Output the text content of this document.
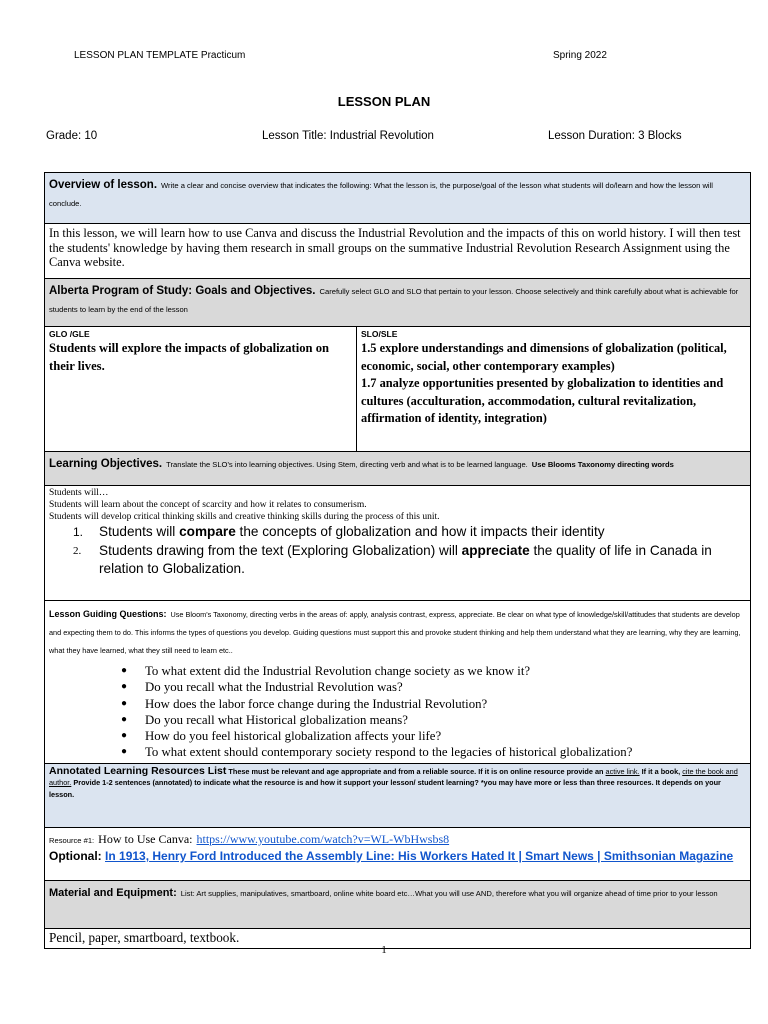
LESSON PLAN TEMPLATE Practicum	Spring 2022
LESSON PLAN
Grade: 10	Lesson Title: Industrial Revolution	Lesson Duration: 3 Blocks
Overview of lesson. Write a clear and concise overview that indicates the following: What the lesson is, the purpose/goal of the lesson what students will do/learn and how the lesson will conclude.

In this lesson, we will learn how to use Canva and discuss the Industrial Revolution and the impacts of this on world history. I will then test the students' knowledge by having them research in small groups on the summative Industrial Revolution Research Assignment using the Canva website.

Alberta Program of Study: Goals and Objectives. Carefully select GLO and SLO that pertain to your lesson. Choose selectively and think carefully about what is achievable for students to learn by the end of the lesson

GLO /GLE
Students will explore the impacts of globalization on their lives.

SLO/SLE
1.5 explore understandings and dimensions of globalization (political, economic, social, other contemporary examples)
1.7 analyze opportunities presented by globalization to identities and cultures (acculturation, accommodation, cultural revitalization, affirmation of identity, integration)

Learning Objectives. Translate the SLO's into learning objectives. Using Stem, directing verb and what is to be learned language. Use Blooms Taxonomy directing words

Students will…
Students will learn about the concept of scarcity and how it relates to consumerism.
Students will develop critical thinking skills and creative thinking skills during the process of this unit.
1. Students will compare the concepts of globalization and how it impacts their identity
2. Students drawing from the text (Exploring Globalization) will appreciate the quality of life in Canada in relation to Globalization.

Lesson Guiding Questions: Use Bloom's Taxonomy, directing verbs in the areas of: apply, analysis contrast, express, appreciate. Be clear on what type of knowledge/skill/attitudes that students are develop and expecting them to do. This informs the types of questions you develop. Guiding questions must support this and provoke student thinking and help them understand what they are learning, why they are learning, what they have learned, what they still need to learn etc..
● To what extent did the Industrial Revolution change society as we know it?
● Do you recall what the Industrial Revolution was?
● How does the labor force change during the Industrial Revolution?
● Do you recall what Historical globalization means?
● How do you feel historical globalization affects your life?
● To what extent should contemporary society respond to the legacies of historical globalization?

Annotated Learning Resources List These must be relevant and age appropriate and from a reliable source. If it is on online resource provide an active link. If it a book, cite the book and author. Provide 1-2 sentences (annotated) to indicate what the resource is and how it support your lesson/ student learning? *you may have more or less than three resources. It depends on your lesson.

Resource #1: How to Use Canva: https://www.youtube.com/watch?v=WL-WbHwsbs8
Optional: In 1913, Henry Ford Introduced the Assembly Line: His Workers Hated It | Smart News | Smithsonian Magazine

Material and Equipment: List: Art supplies, manipulatives, smartboard, online white board etc…What you will use AND, therefore what you will organize ahead of time prior to your lesson

Pencil, paper, smartboard, textbook.
1
